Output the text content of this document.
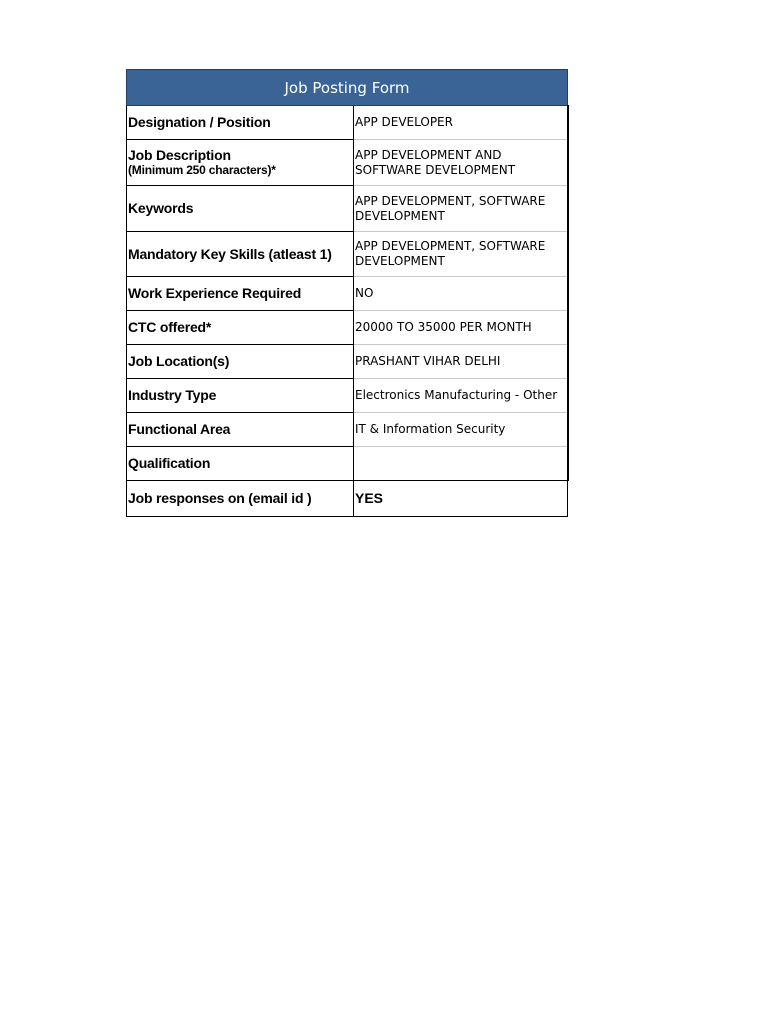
Job Posting Form	
Designation / Position	APP DEVELOPER
Job Description
(Minimum 250 characters)*	APP DEVELOPMENT AND SOFTWARE DEVELOPMENT
Keywords	APP DEVELOPMENT, SOFTWARE DEVELOPMENT
Mandatory Key Skills (atleast 1)	APP DEVELOPMENT, SOFTWARE DEVELOPMENT
Work Experience Required	NO
CTC offered*	20000 TO 35000 PER MONTH
Job Location(s)	PRASHANT VIHAR DELHI
Industry Type	Electronics Manufacturing - Other
Functional Area	IT & Information Security
Qualification	
Job responses on (email id )	YES
